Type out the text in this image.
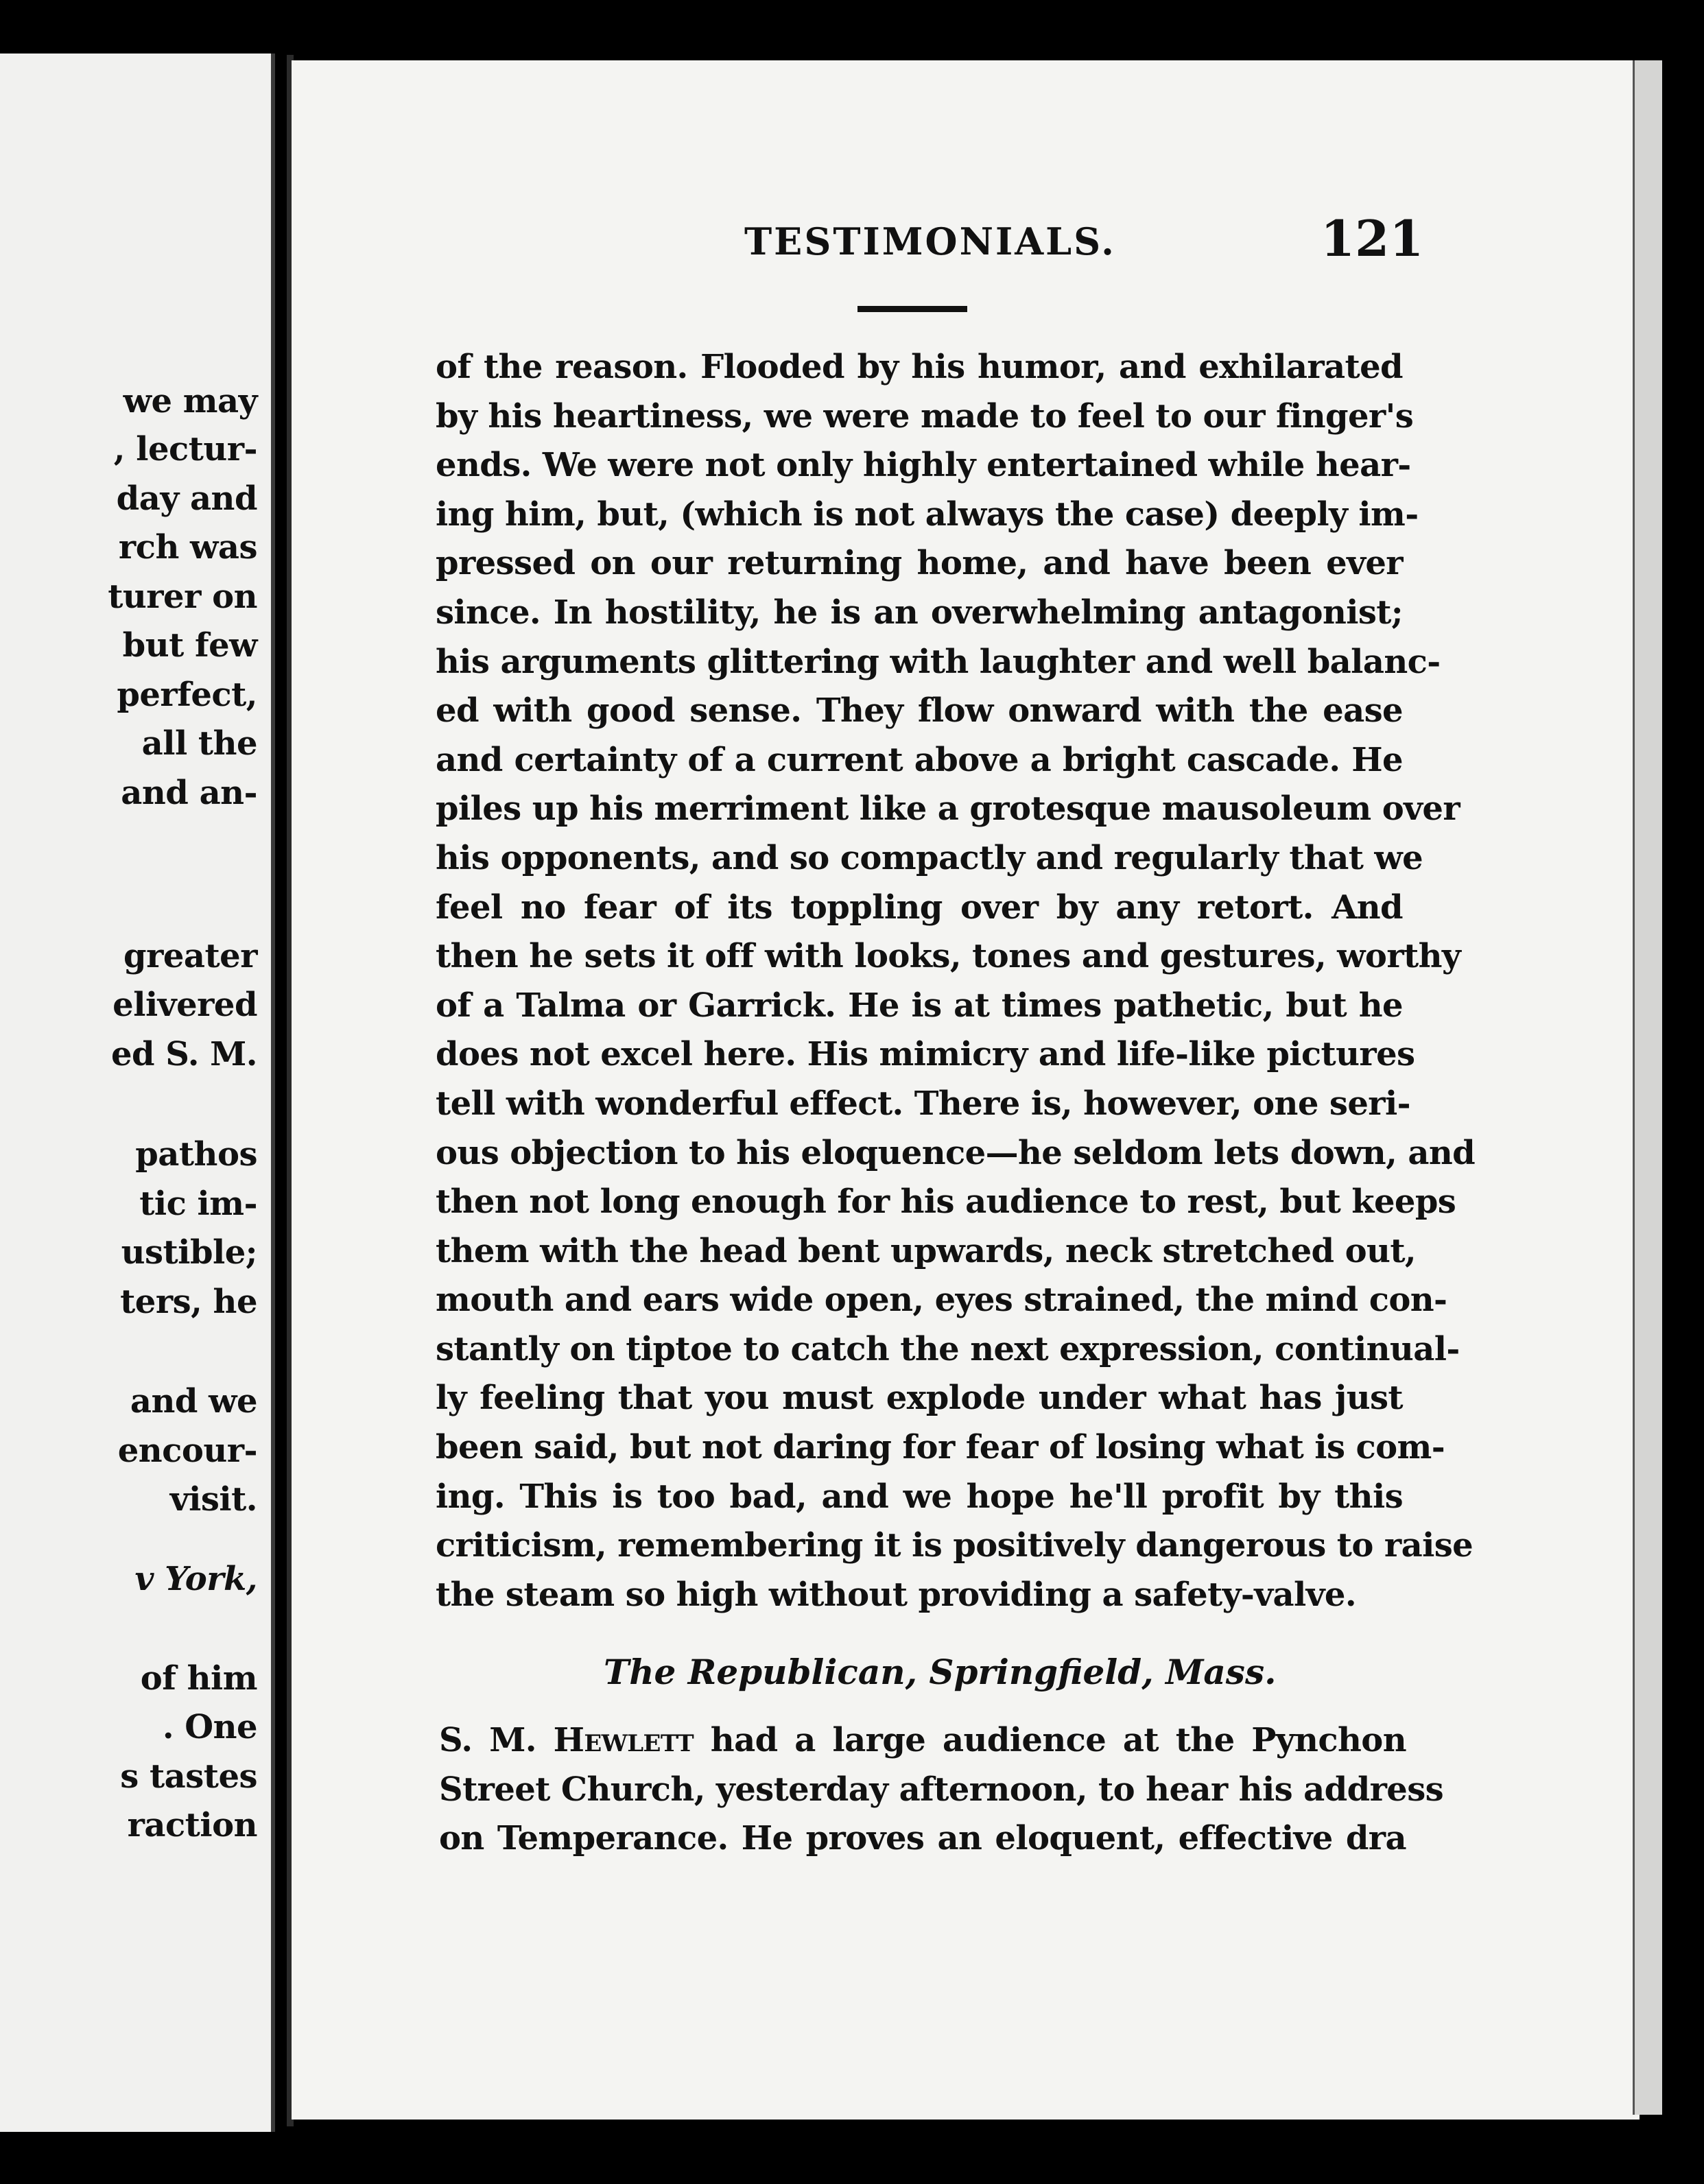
we may
, lectur-
day and
rch was
turer on
but few
perfect,
all the
and an-
greater
elivered
ed S. M.
pathos
tic im-
ustible;
ters, he
and we
encour-
visit.
v York,
of him
. One
s tastes
raction
TESTIMONIALS.	121
of the reason. Flooded by his humor, and exhilarated
by his heartiness, we were made to feel to our finger's
ends. We were not only highly entertained while hear-
ing him, but, (which is not always the case) deeply im-
pressed on our returning home, and have been ever
since. In hostility, he is an overwhelming antagonist;
his arguments glittering with laughter and well balanc-
ed with good sense. They flow onward with the ease
and certainty of a current above a bright cascade. He
piles up his merriment like a grotesque mausoleum over
his opponents, and so compactly and regularly that we
feel no fear of its toppling over by any retort. And
then he sets it off with looks, tones and gestures, worthy
of a Talma or Garrick. He is at times pathetic, but he
does not excel here. His mimicry and life-like pictures
tell with wonderful effect. There is, however, one seri-
ous objection to his eloquence—he seldom lets down, and
then not long enough for his audience to rest, but keeps
them with the head bent upwards, neck stretched out,
mouth and ears wide open, eyes strained, the mind con-
stantly on tiptoe to catch the next expression, continual-
ly feeling that you must explode under what has just
been said, but not daring for fear of losing what is com-
ing. This is too bad, and we hope he'll profit by this
criticism, remembering it is positively dangerous to raise
the steam so high without providing a safety-valve.
The Republican, Springfield, Mass.
S. M. Hewlett had a large audience at the Pynchon
Street Church, yesterday afternoon, to hear his address
on Temperance. He proves an eloquent, effective dra
